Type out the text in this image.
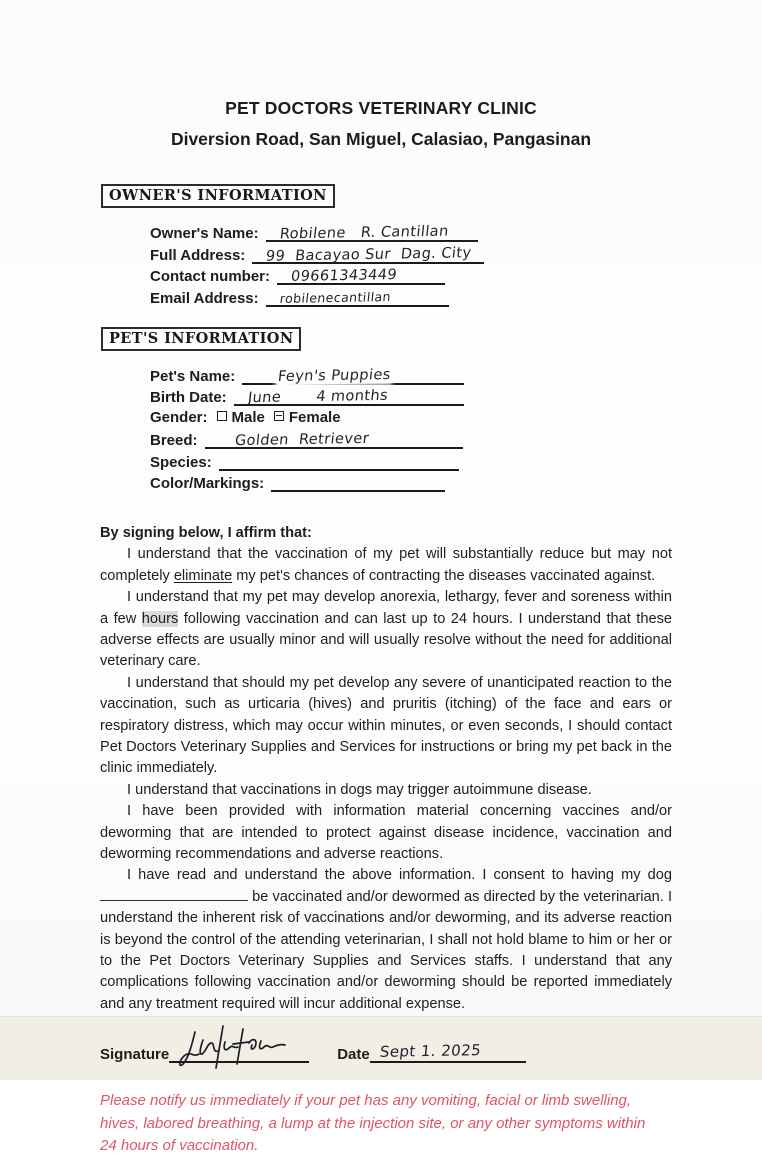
PET DOCTORS VETERINARY CLINIC
Diversion Road, San Miguel, Calasiao, Pangasinan
OWNER'S INFORMATION
Owner's Name: Robilene   R. Cantillan
Full Address: 99  Bacayao Sur  Dag. City
Contact number: 09661343449
Email Address: robilenecantillan
PET'S INFORMATION
Pet's Name:	Feyn's Puppies
Birth Date: June       4 months
Gender: Male Female
Breed: Golden  Retriever
Species:
Color/Markings:
By signing below, I affirm that:

I understand that the vaccination of my pet will substantially reduce but may not completely eliminate my pet's chances of contracting the diseases vaccinated against.

I understand that my pet may develop anorexia, lethargy, fever and soreness within a few hours following vaccination and can last up to 24 hours. I understand that these adverse effects are usually minor and will usually resolve without the need for additional veterinary care.

I understand that should my pet develop any severe of unanticipated reaction to the vaccination, such as urticaria (hives) and pruritis (itching) of the face and ears or respiratory distress, which may occur within minutes, or even seconds, I should contact Pet Doctors Veterinary Supplies and Services for instructions or bring my pet back in the clinic immediately.

I understand that vaccinations in dogs may trigger autoimmune disease.

I have been provided with information material concerning vaccines and/or deworming that are intended to protect against disease incidence, vaccination and deworming recommendations and adverse reactions.

I have read and understand the above information. I consent to having my dog  be vaccinated and/or dewormed as directed by the veterinarian. I understand the inherent risk of vaccinations and/or deworming, and its adverse reaction is beyond the control of the attending veterinarian, I shall not hold blame to him or her or to the Pet Doctors Veterinary Supplies and Services staffs. I understand that any complications following vaccination and/or deworming should be reported immediately and any treatment required will incur additional expense.

Signature	Date Sept 1. 2025
Please notify us immediately if your pet has any vomiting, facial or limb swelling, hives, labored breathing, a lump at the injection site, or any other symptoms within 24 hours of vaccination.
